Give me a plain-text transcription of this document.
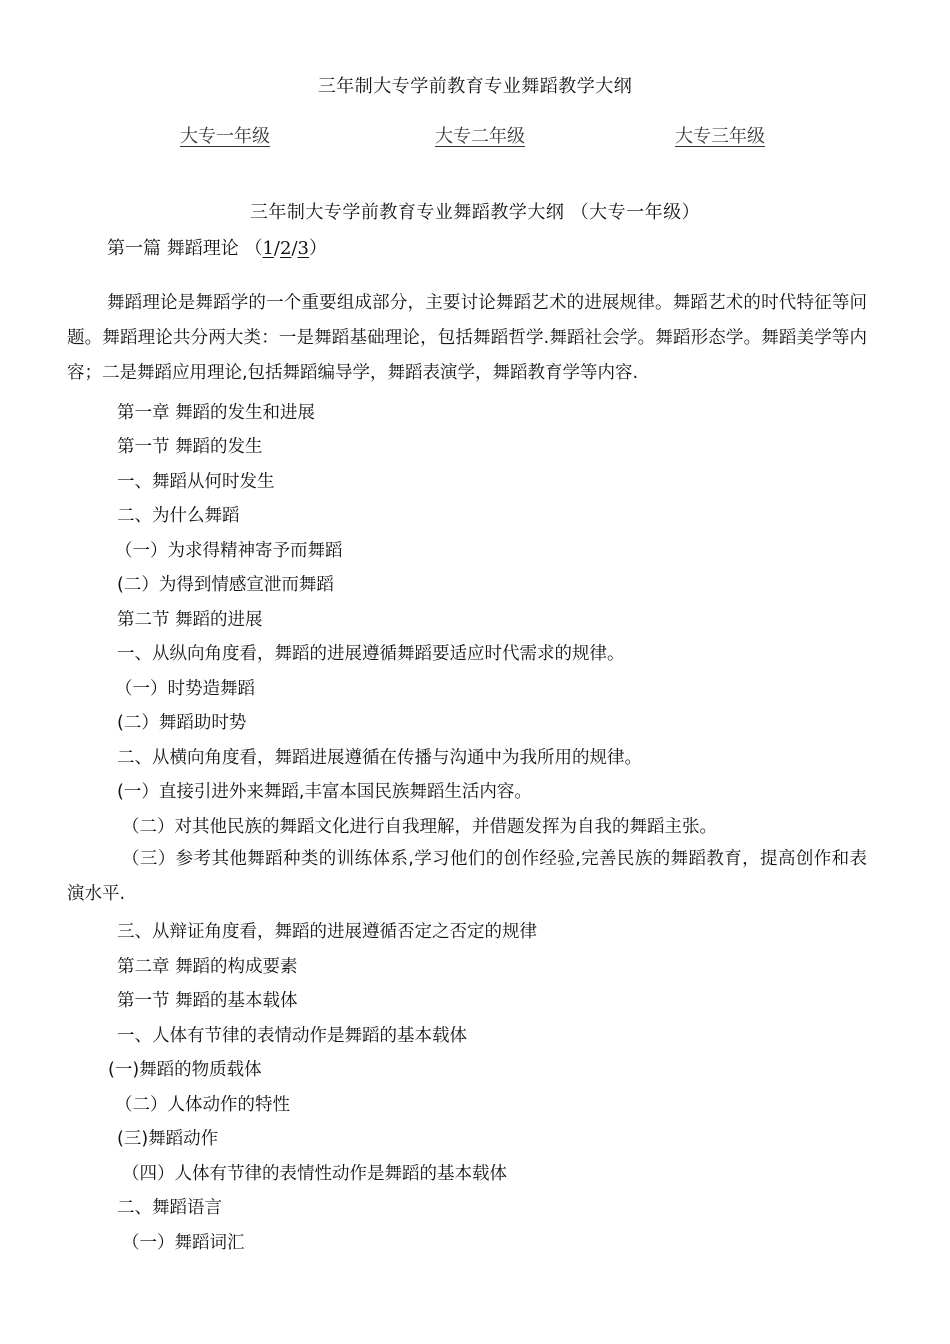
三年制大专学前教育专业舞蹈教学大纲
大专一年级	大专二年级	大专三年级
三年制大专学前教育专业舞蹈教学大纲 （大专一年级）
第一篇 舞蹈理论 （1/2/3）

舞蹈理论是舞蹈学的一个重要组成部分，主要讨论舞蹈艺术的进展规律。舞蹈艺术的时代特征等问题。舞蹈理论共分两大类：一是舞蹈基础理论，包括舞蹈哲学.舞蹈社会学。舞蹈形态学。舞蹈美学等内容；二是舞蹈应用理论,包括舞蹈编导学，舞蹈表演学，舞蹈教育学等内容.

第一章 舞蹈的发生和进展
第一节 舞蹈的发生
一、舞蹈从何时发生
二、为什么舞蹈
（一）为求得精神寄予而舞蹈
(二）为得到情感宣泄而舞蹈
第二节 舞蹈的进展
一、从纵向角度看，舞蹈的进展遵循舞蹈要适应时代需求的规律。
（一）时势造舞蹈
(二）舞蹈助时势
二、从横向角度看，舞蹈进展遵循在传播与沟通中为我所用的规律。
(一）直接引进外来舞蹈,丰富本国民族舞蹈生活内容。
（二）对其他民族的舞蹈文化进行自我理解，并借题发挥为自我的舞蹈主张。

（三）参考其他舞蹈种类的训练体系,学习他们的创作经验,完善民族的舞蹈教育，提高创作和表演水平.

三、从辩证角度看，舞蹈的进展遵循否定之否定的规律
第二章 舞蹈的构成要素
第一节 舞蹈的基本载体
一、人体有节律的表情动作是舞蹈的基本载体
(一)舞蹈的物质载体
（二）人体动作的特性
(三)舞蹈动作
（四）人体有节律的表情性动作是舞蹈的基本载体
二、舞蹈语言
（一）舞蹈词汇
